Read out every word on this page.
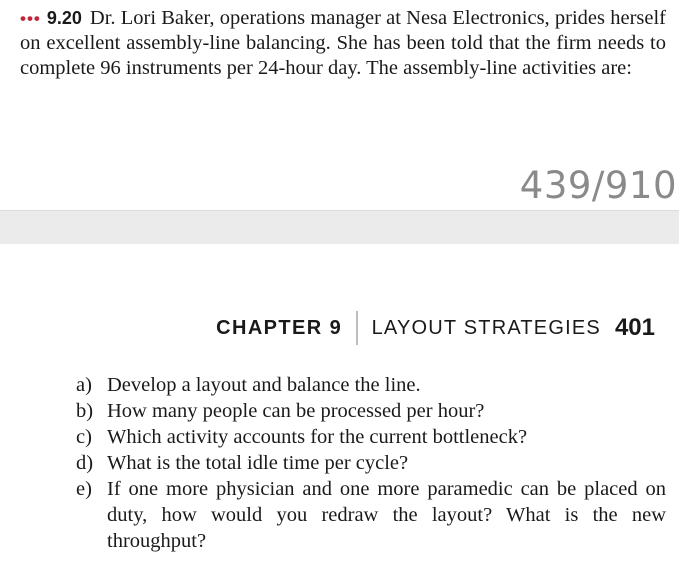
••• 9.20 Dr. Lori Baker, operations manager at Nesa Electronics, prides herself on excellent assembly-line balancing. She has been told that the firm needs to complete 96 instruments per 24-hour day. The assembly-line activities are:

439/910
CHAPTER 9 LAYOUT STRATEGIES 401
a) Develop a layout and balance the line.
b) How many people can be processed per hour?
c) Which activity accounts for the current bottleneck?
d) What is the total idle time per cycle?
e) If one more physician and one more paramedic can be placed on duty, how would you redraw the layout? What is the new throughput?
